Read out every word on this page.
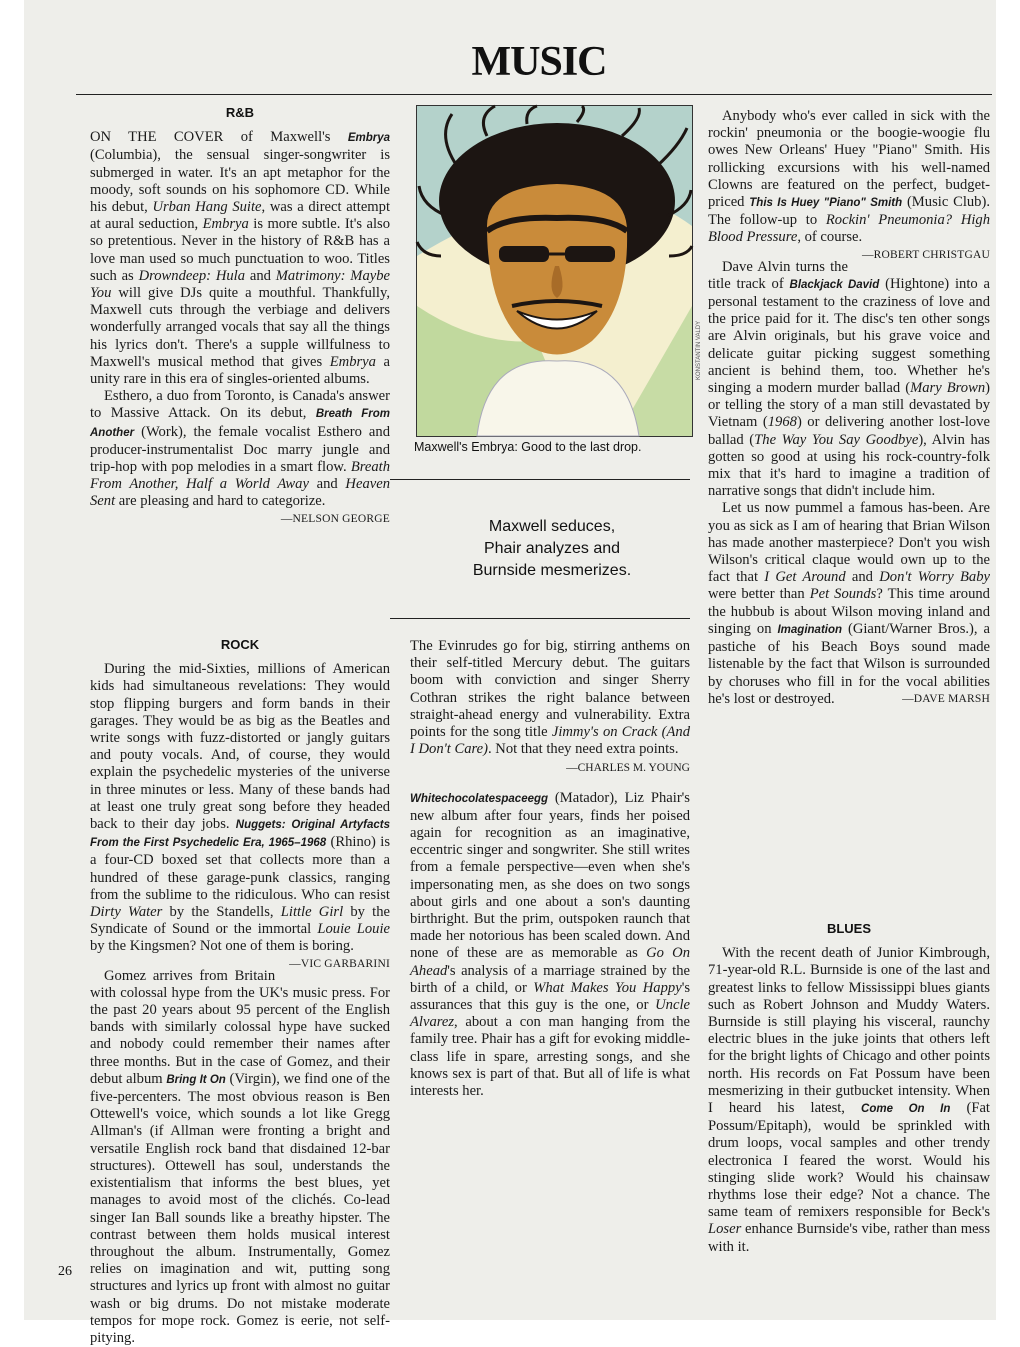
MUSIC
KONSTANTIN VALDY
Maxwell's Embrya: Good to the last drop.
Maxwell seduces,
Phair analyzes and
Burnside mesmerizes.
R&B

ON THE COVER of Maxwell's Embrya (Columbia), the sensual singer-songwriter is submerged in water. It's an apt metaphor for the moody, soft sounds on his sophomore CD. While his debut, Urban Hang Suite, was a direct attempt at aural seduction, Embrya is more subtle. It's also so pretentious. Never in the history of R&B has a love man used so much punctuation to woo. Titles such as Drowndeep: Hula and Matrimony: Maybe You will give DJs quite a mouthful. Thankfully, Maxwell cuts through the verbiage and delivers wonderfully arranged vocals that say all the things his lyrics don't. There's a supple willfulness to Maxwell's musical method that gives Embrya a unity rare in this era of singles-oriented albums.

Esthero, a duo from Toronto, is Canada's answer to Massive Attack. On its debut, Breath From Another (Work), the female vocalist Esthero and producer-instrumentalist Doc marry jungle and trip-hop with pop melodies in a smart flow. Breath From Another, Half a World Away and Heaven Sent are pleasing and hard to categorize.
—NELSON GEORGE

ROCK

During the mid-Sixties, millions of American kids had simultaneous revelations: They would stop flipping burgers and form bands in their garages. They would be as big as the Beatles and write songs with fuzz-distorted or jangly guitars and pouty vocals. And, of course, they would explain the psychedelic mysteries of the universe in three minutes or less. Many of these bands had at least one truly great song before they headed back to their day jobs. Nuggets: Original Artyfacts From the First Psychedelic Era, 1965–1968 (Rhino) is a four-CD boxed set that collects more than a hundred of these garage-punk classics, ranging from the sublime to the ridiculous. Who can resist Dirty Water by the Standells, Little Girl by the Syndicate of Sound or the immortal Louie Louie by the Kingsmen? Not one of them is boring.
—VIC GARBARINI

Gomez arrives from Britain with colossal hype from the UK's music press. For the past 20 years about 95 percent of the English bands with similarly colossal hype have sucked and nobody could remember their names after three months. But in the case of Gomez, and their debut album Bring It On (Virgin), we find one of the five-percenters. The most obvious reason is Ben Ottewell's voice, which sounds a lot like Gregg Allman's (if Allman were fronting a bright and versatile English rock band that disdained 12-bar structures). Ottewell has soul, understands the existentialism that informs the best blues, yet manages to avoid most of the clichés. Co-lead singer Ian Ball sounds like a breathy hipster. The contrast between them holds musical interest throughout the album. Instrumentally, Gomez relies on imagination and wit, putting song structures and lyrics up front with almost no guitar wash or big drums. Do not mistake moderate tempos for mope rock. Gomez is eerie, not self-pitying.

The Evinrudes go for big, stirring anthems on their self-titled Mercury debut. The guitars boom with conviction and singer Sherry Cothran strikes the right balance between straight-ahead energy and vulnerability. Extra points for the song title Jimmy's on Crack (And I Don't Care). Not that they need extra points.

—CHARLES M. YOUNG

Whitechocolatespaceegg (Matador), Liz Phair's new album after four years, finds her poised again for recognition as an imaginative, eccentric singer and songwriter. She still writes from a female perspective—even when she's impersonating men, as she does on two songs about girls and one about a son's daunting birthright. But the prim, outspoken raunch that made her notorious has been scaled down. And none of these are as memorable as Go On Ahead's analysis of a marriage strained by the birth of a child, or What Makes You Happy's assurances that this guy is the one, or Uncle Alvarez, about a con man hanging from the family tree. Phair has a gift for evoking middle-class life in spare, arresting songs, and she knows sex is part of that. But all of life is what interests her.

Anybody who's ever called in sick with the rockin' pneumonia or the boogie-woogie flu owes New Orleans' Huey "Piano" Smith. His rollicking excursions with his well-named Clowns are featured on the perfect, budget-priced This Is Huey "Piano" Smith (Music Club). The follow-up to Rockin' Pneumonia? High Blood Pressure, of course.
—ROBERT CHRISTGAU

Dave Alvin turns the title track of Blackjack David (Hightone) into a personal testament to the craziness of love and the price paid for it. The disc's ten other songs are Alvin originals, but his grave voice and delicate guitar picking suggest something ancient is behind them, too. Whether he's singing a modern murder ballad (Mary Brown) or telling the story of a man still devastated by Vietnam (1968) or delivering another lost-love ballad (The Way You Say Goodbye), Alvin has gotten so good at using his rock-country-folk mix that it's hard to imagine a tradition of narrative songs that didn't include him.

Let us now pummel a famous has-been. Are you as sick as I am of hearing that Brian Wilson has made another masterpiece? Don't you wish Wilson's critical claque would own up to the fact that I Get Around and Don't Worry Baby were better than Pet Sounds? This time around the hubbub is about Wilson moving inland and singing on Imagination (Giant/Warner Bros.), a pastiche of his Beach Boys sound made listenable by the fact that Wilson is surrounded by choruses who fill in for the vocal abilities he's lost or destroyed.	—DAVE MARSH

BLUES

With the recent death of Junior Kimbrough, 71-year-old R.L. Burnside is one of the last and greatest links to fellow Mississippi blues giants such as Robert Johnson and Muddy Waters. Burnside is still playing his visceral, raunchy electric blues in the juke joints that others left for the bright lights of Chicago and other points north. His records on Fat Possum have been mesmerizing in their gutbucket intensity. When I heard his latest, Come On In (Fat Possum/Epitaph), would be sprinkled with drum loops, vocal samples and other trendy electronica I feared the worst. Would his stinging slide work? Would his chainsaw rhythms lose their edge? Not a chance. The same team of remixers responsible for Beck's Loser enhance Burnside's vibe, rather than mess with it.

26
